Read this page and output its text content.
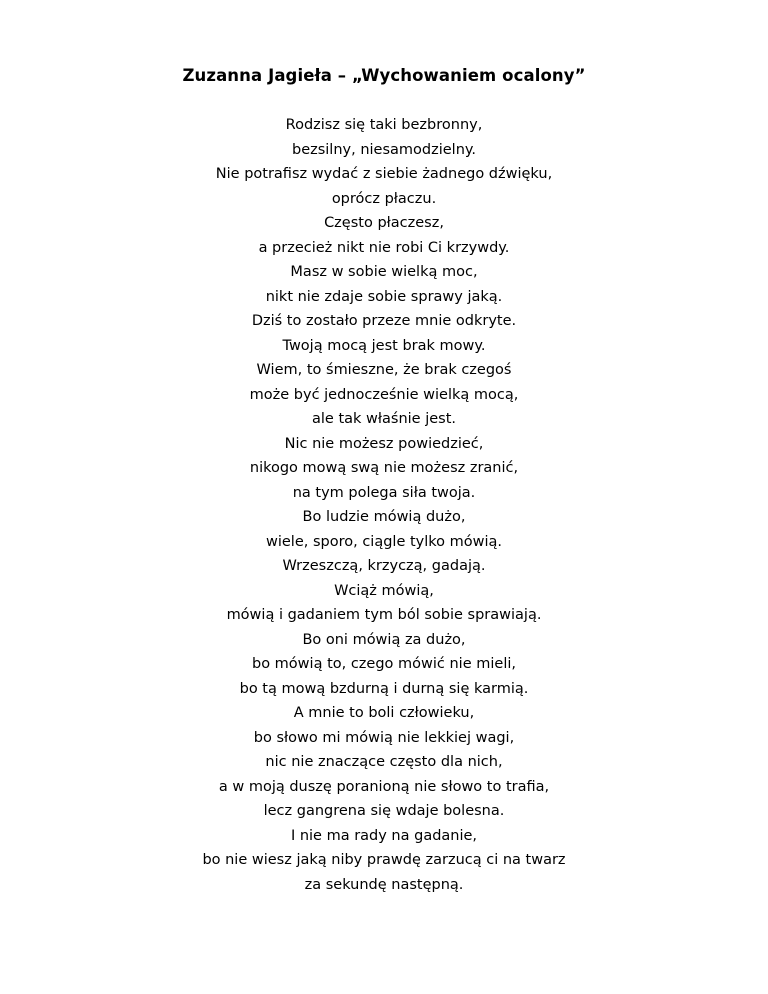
Zuzanna Jagieła – „Wychowaniem ocalony”
Rodzisz się taki bezbronny,
bezsilny, niesamodzielny.
Nie potrafisz wydać z siebie żadnego dźwięku,
oprócz płaczu.
Często płaczesz,
a przecież nikt nie robi Ci krzywdy.
Masz w sobie wielką moc,
nikt nie zdaje sobie sprawy jaką.
Dziś to zostało przeze mnie odkryte.
Twoją mocą jest brak mowy.
Wiem, to śmieszne, że brak czegoś
może być jednocześnie wielką mocą,
ale tak właśnie jest.
Nic nie możesz powiedzieć,
nikogo mową swą nie możesz zranić,
na tym polega siła twoja.
Bo ludzie mówią dużo,
wiele, sporo, ciągle tylko mówią.
Wrzeszczą, krzyczą, gadają.
Wciąż mówią,
mówią i gadaniem tym ból sobie sprawiają.
Bo oni mówią za dużo,
bo mówią to, czego mówić nie mieli,
bo tą mową bzdurną i durną się karmią.
A mnie to boli człowieku,
bo słowo mi mówią nie lekkiej wagi,
nic nie znaczące często dla nich,
a w moją duszę poranioną nie słowo to trafia,
lecz gangrena się wdaje bolesna.
I nie ma rady na gadanie,
bo nie wiesz jaką niby prawdę zarzucą ci na twarz
za sekundę następną.
